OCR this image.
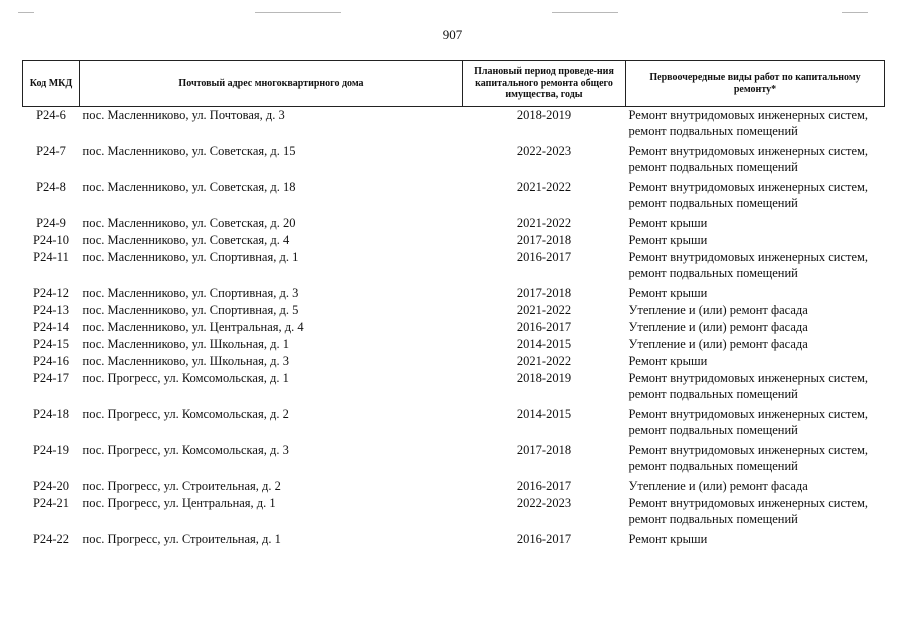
907
Код МКД	Почтовый адрес многоквартирного дома	Плановый период проведе-ния капитального ремонта общего имущества, годы	Первоочередные виды работ по капитальному ремонту*
Р24-6	пос. Масленниково, ул. Почтовая, д. 3	2018-2019	Ремонт внутридомовых инженерных систем,
ремонт подвальных помещений

Р24-7	пос. Масленниково, ул. Советская, д. 15	2022-2023	Ремонт внутридомовых инженерных систем,
ремонт подвальных помещений

Р24-8	пос. Масленниково, ул. Советская, д. 18	2021-2022	Ремонт внутридомовых инженерных систем,
ремонт подвальных помещений

Р24-9	пос. Масленниково, ул. Советская, д. 20	2021-2022	Ремонт крыши

Р24-10	пос. Масленниково, ул. Советская, д. 4	2017-2018	Ремонт крыши

Р24-11	пос. Масленниково, ул. Спортивная, д. 1	2016-2017	Ремонт внутридомовых инженерных систем,
ремонт подвальных помещений

Р24-12	пос. Масленниково, ул. Спортивная, д. 3	2017-2018	Ремонт крыши

Р24-13	пос. Масленниково, ул. Спортивная, д. 5	2021-2022	Утепление и (или) ремонт фасада

Р24-14	пос. Масленниково, ул. Центральная, д. 4	2016-2017	Утепление и (или) ремонт фасада

Р24-15	пос. Масленниково, ул. Школьная, д. 1	2014-2015	Утепление и (или) ремонт фасада

Р24-16	пос. Масленниково, ул. Школьная, д. 3	2021-2022	Ремонт крыши

Р24-17	пос. Прогресс, ул. Комсомольская, д. 1	2018-2019	Ремонт внутридомовых инженерных систем,
ремонт подвальных помещений

Р24-18	пос. Прогресс, ул. Комсомольская, д. 2	2014-2015	Ремонт внутридомовых инженерных систем,
ремонт подвальных помещений

Р24-19	пос. Прогресс, ул. Комсомольская, д. 3	2017-2018	Ремонт внутридомовых инженерных систем,
ремонт подвальных помещений

Р24-20	пос. Прогресс, ул. Строительная, д. 2	2016-2017	Утепление и (или) ремонт фасада

Р24-21	пос. Прогресс, ул. Центральная, д. 1	2022-2023	Ремонт внутридомовых инженерных систем,
ремонт подвальных помещений

Р24-22	пос. Прогресс, ул. Строительная, д. 1	2016-2017	Ремонт крыши
